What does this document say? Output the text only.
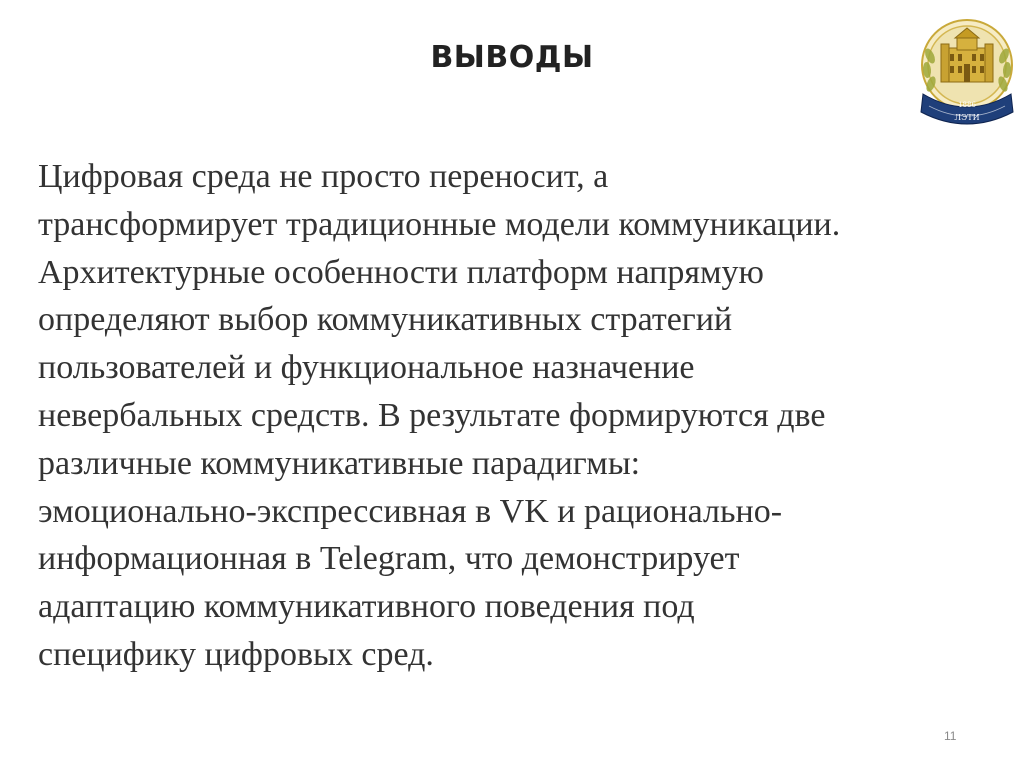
ВЫВОДЫ
1886
ЛЭТИ
Цифровая среда не просто переносит, а
трансформирует традиционные модели коммуникации.
Архитектурные особенности платформ напрямую
определяют выбор коммуникативных стратегий
пользователей и функциональное назначение
невербальных средств. В результате формируются две
различные коммуникативные парадигмы:
эмоционально-экспрессивная в VK и рационально-
информационная в Telegram, что демонстрирует
адаптацию коммуникативного поведения под
специфику цифровых сред.
11
